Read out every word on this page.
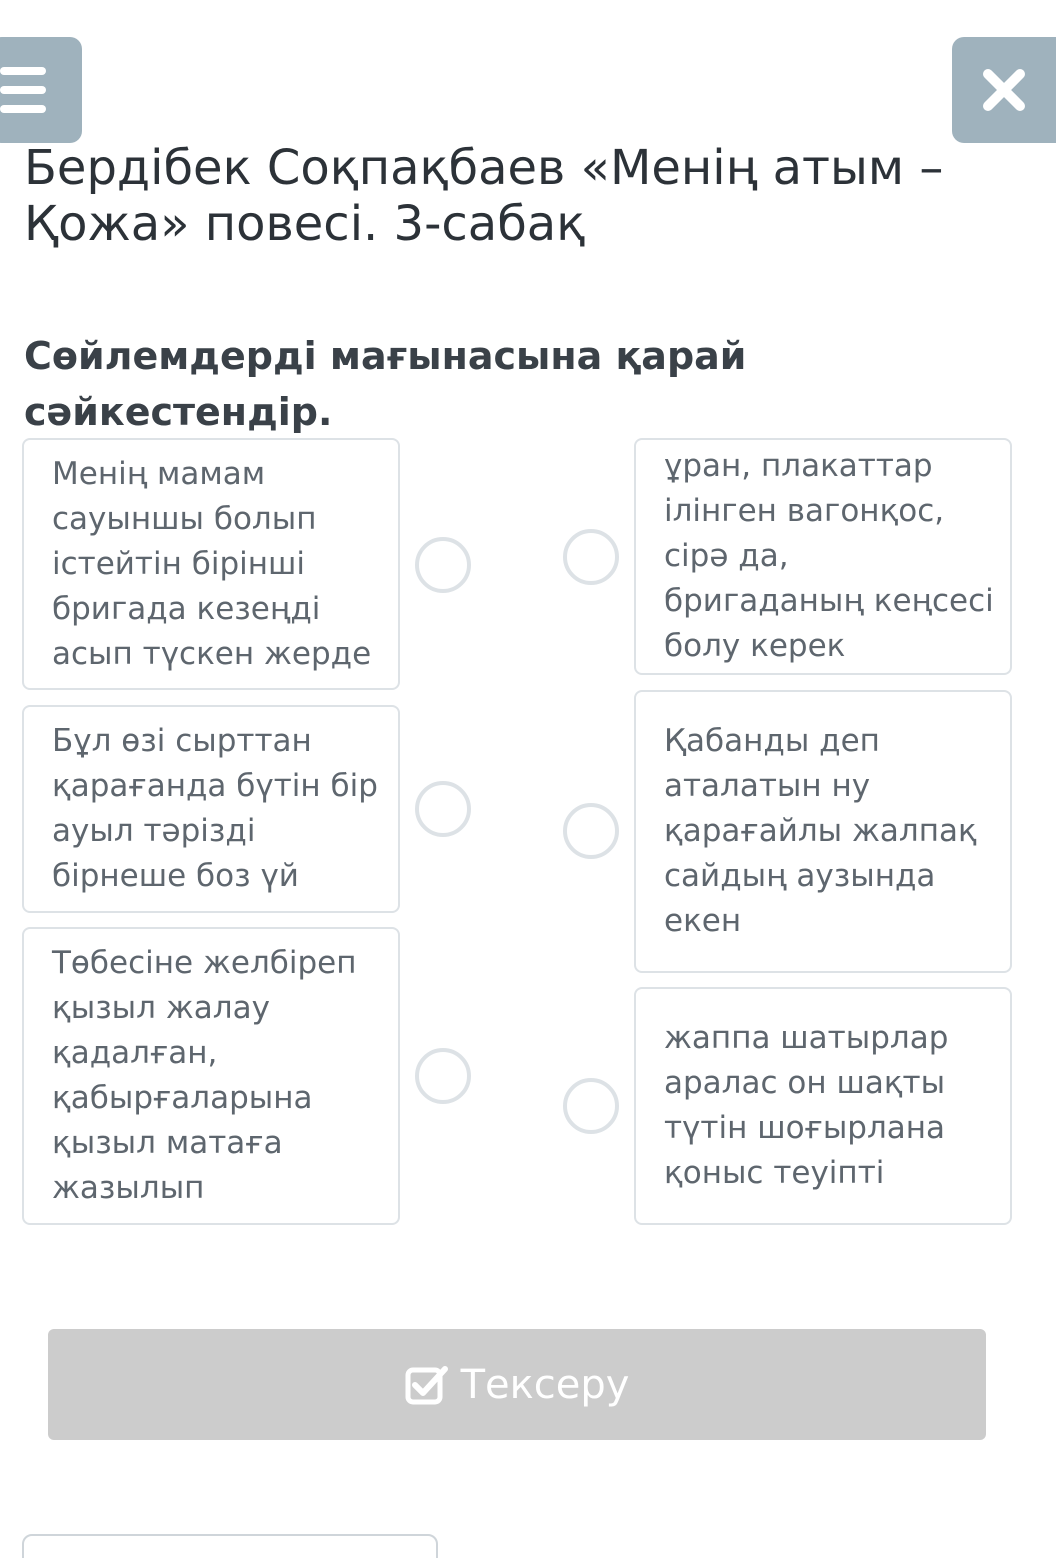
Бердібек Соқпақбаев «Менің атым – Қожа» повесі. 3-сабақ
Сөйлемдерді мағынасына қарай сәйкестендір.
Менің мамам сауыншы болып істейтін бірінші бригада кезеңді асып түскен жерде
Бұл өзі сырттан қарағанда бүтін бір ауыл тәрізді бірнеше боз үй
Төбесіне желбіреп қызыл жалау қадалған, қабырғаларына қызыл матаға жазылып
ұран, плакаттар ілінген вагонқос, сірә да, бригаданың кеңсесі болу керек
Қабанды деп аталатын ну қарағайлы жалпақ сайдың аузында екен
жаппа шатырлар аралас он шақты түтін шоғырлана қоныс теуіпті
Тексеру
